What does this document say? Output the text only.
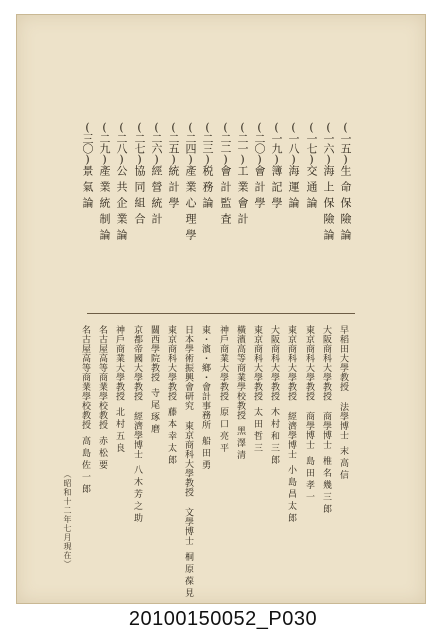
(一五)生命保險論
早稻田大學教授 法學博士末高信
(一六)海上保險論
大阪商科大學教授 商學博士椎名幾三郎
(一七)交通論
東京商科大學教授 商學博士島田孝一
(一八)海運論
東京商科大學教授 經濟學博士小島昌太郎
(一九)簿記學
大阪商科大學教授木村和三郎
(二〇)會計學
東京商科大學教授太田哲三
(二一)工業會計
橫濱高等商業學校教授黑澤清
(二二)會計監査
神戶商業大學教授原口亮平
(二三)税務論
東・濱・鄉・會計事務所船田勇
(二四)產業心理學
日本學術振興會研究 東京商科大學教授 文學博士桐原葆見
(二五)統計學
東京商科大學教授藤本幸太郎
(二六)經營統計
關西學院教授寺尾琢磨
(二七)協同組合
京都帝國大學教授 經濟學博士八木芳之助
(二八)公共企業論
神戶商業大學教授北村五良
(二九)產業統制論
名古屋高等商業學校教授赤松要
(三〇)景氣論
名古屋高等商業學校教授高島佐一郎
（昭和十二年七月現在）
20100150052_P030
